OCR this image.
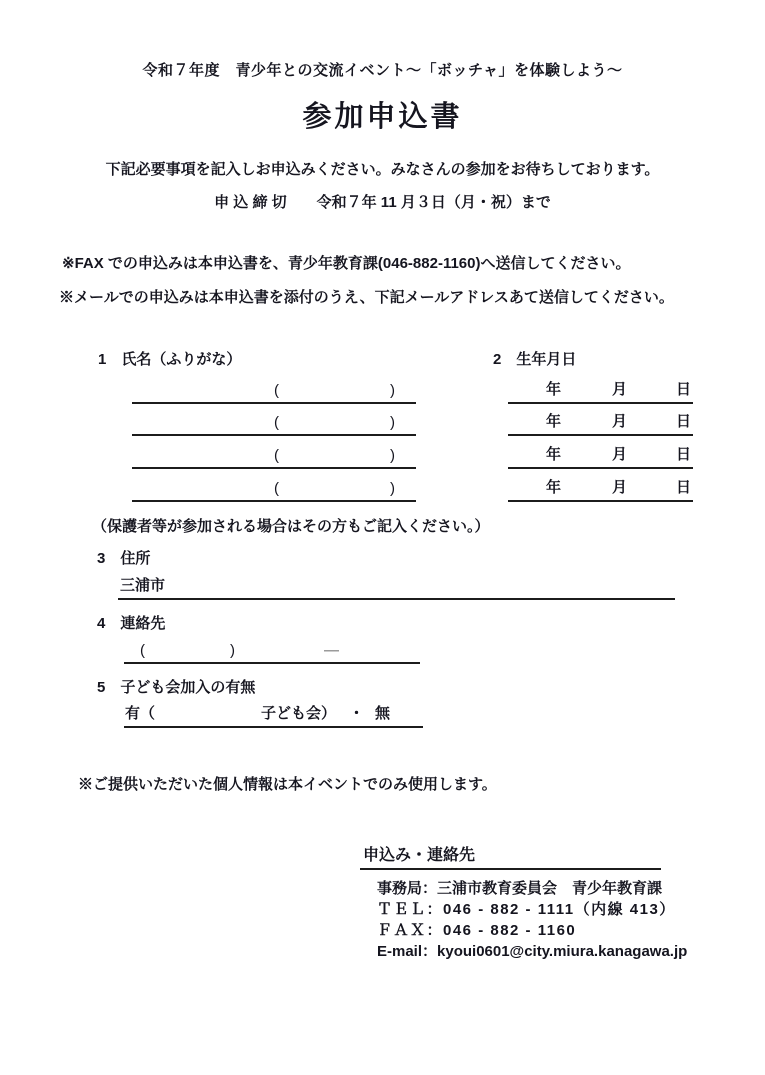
令和７年度　青少年との交流イベント～「ボッチャ」を体験しよう～
参加申込書
下記必要事項を記入しお申込みください。みなさんの参加をお待ちしております。
申 込 締 切　　令和７年 11 月３日（月・祝）まで
※FAX での申込みは本申込書を、青少年教育課(046-882-1160)へ送信してください。
※メールでの申込みは本申込書を添付のうえ、下記メールアドレスあて送信してください。
1　氏名（ふりがな）	2　生年月日
(	)
(	)
(	)
(	)
年	月	日
年	月	日
年	月	日
年	月	日
（保護者等が参加される場合はその方もご記入ください。）
3　住所
三浦市
4　連絡先
(	)	—
5　子ども会加入の有無
有（	子ども会） ・ 無
※ご提供いただいた個人情報は本イベントでのみ使用します。
申込み・連絡先
事務局：三浦市教育委員会　青少年教育課
ＴＥＬ：046 - 882 - 1111（内線 413）
ＦＡＸ：046 - 882 - 1160
E-mail：kyoui0601@city.miura.kanagawa.jp
